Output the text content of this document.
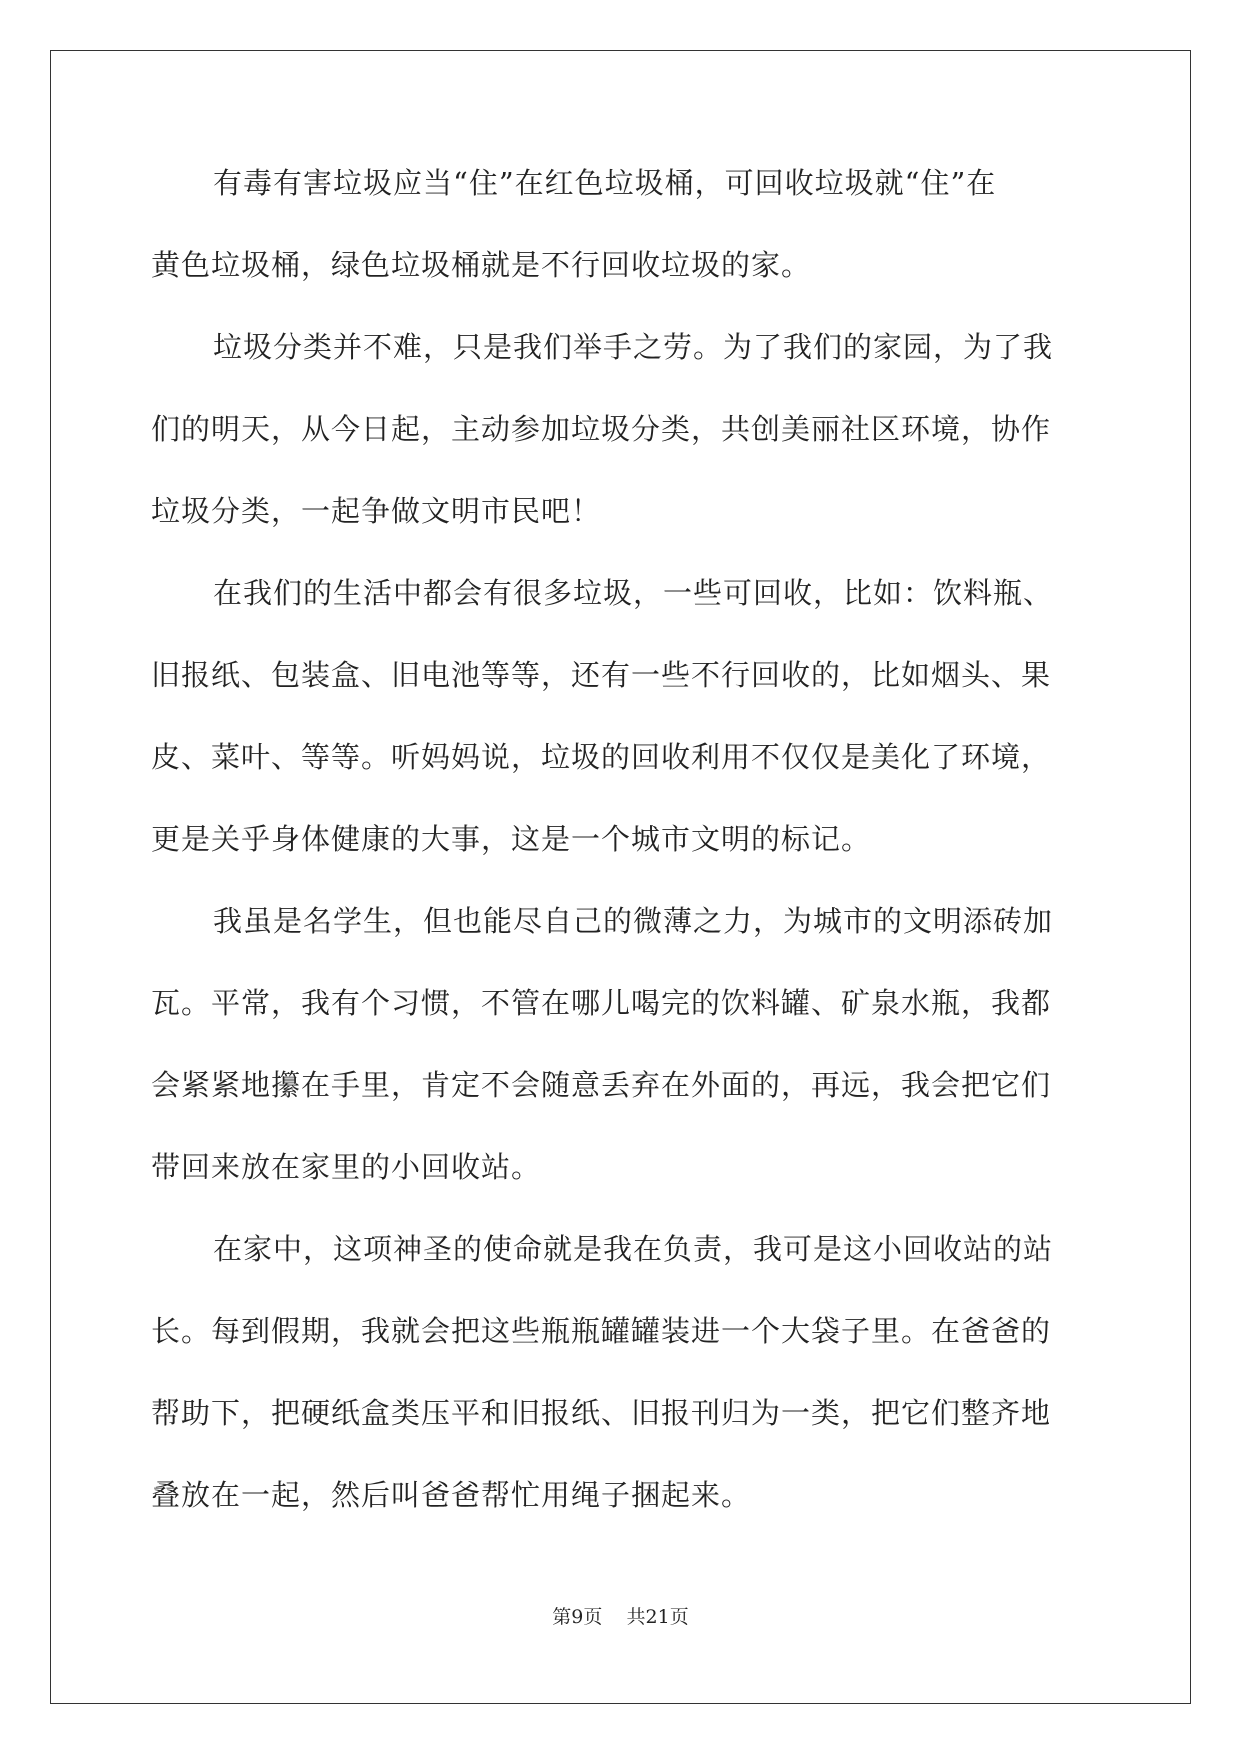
有毒有害垃圾应当“住”在红色垃圾桶，可回收垃圾就“住”在
黄色垃圾桶，绿色垃圾桶就是不行回收垃圾的家。
垃圾分类并不难，只是我们举手之劳。为了我们的家园，为了我
们的明天，从今日起，主动参加垃圾分类，共创美丽社区环境，协作
垃圾分类，一起争做文明市民吧！
在我们的生活中都会有很多垃圾，一些可回收，比如：饮料瓶、
旧报纸、包装盒、旧电池等等，还有一些不行回收的，比如烟头、果
皮、菜叶、等等。听妈妈说，垃圾的回收利用不仅仅是美化了环境，
更是关乎身体健康的大事，这是一个城市文明的标记。
我虽是名学生，但也能尽自己的微薄之力，为城市的文明添砖加
瓦。平常，我有个习惯，不管在哪儿喝完的饮料罐、矿泉水瓶，我都
会紧紧地攥在手里，肯定不会随意丢弃在外面的，再远，我会把它们
带回来放在家里的小回收站。
在家中，这项神圣的使命就是我在负责，我可是这小回收站的站
长。每到假期，我就会把这些瓶瓶罐罐装进一个大袋子里。在爸爸的
帮助下，把硬纸盒类压平和旧报纸、旧报刊归为一类，把它们整齐地
叠放在一起，然后叫爸爸帮忙用绳子捆起来。
第9页 共21页
